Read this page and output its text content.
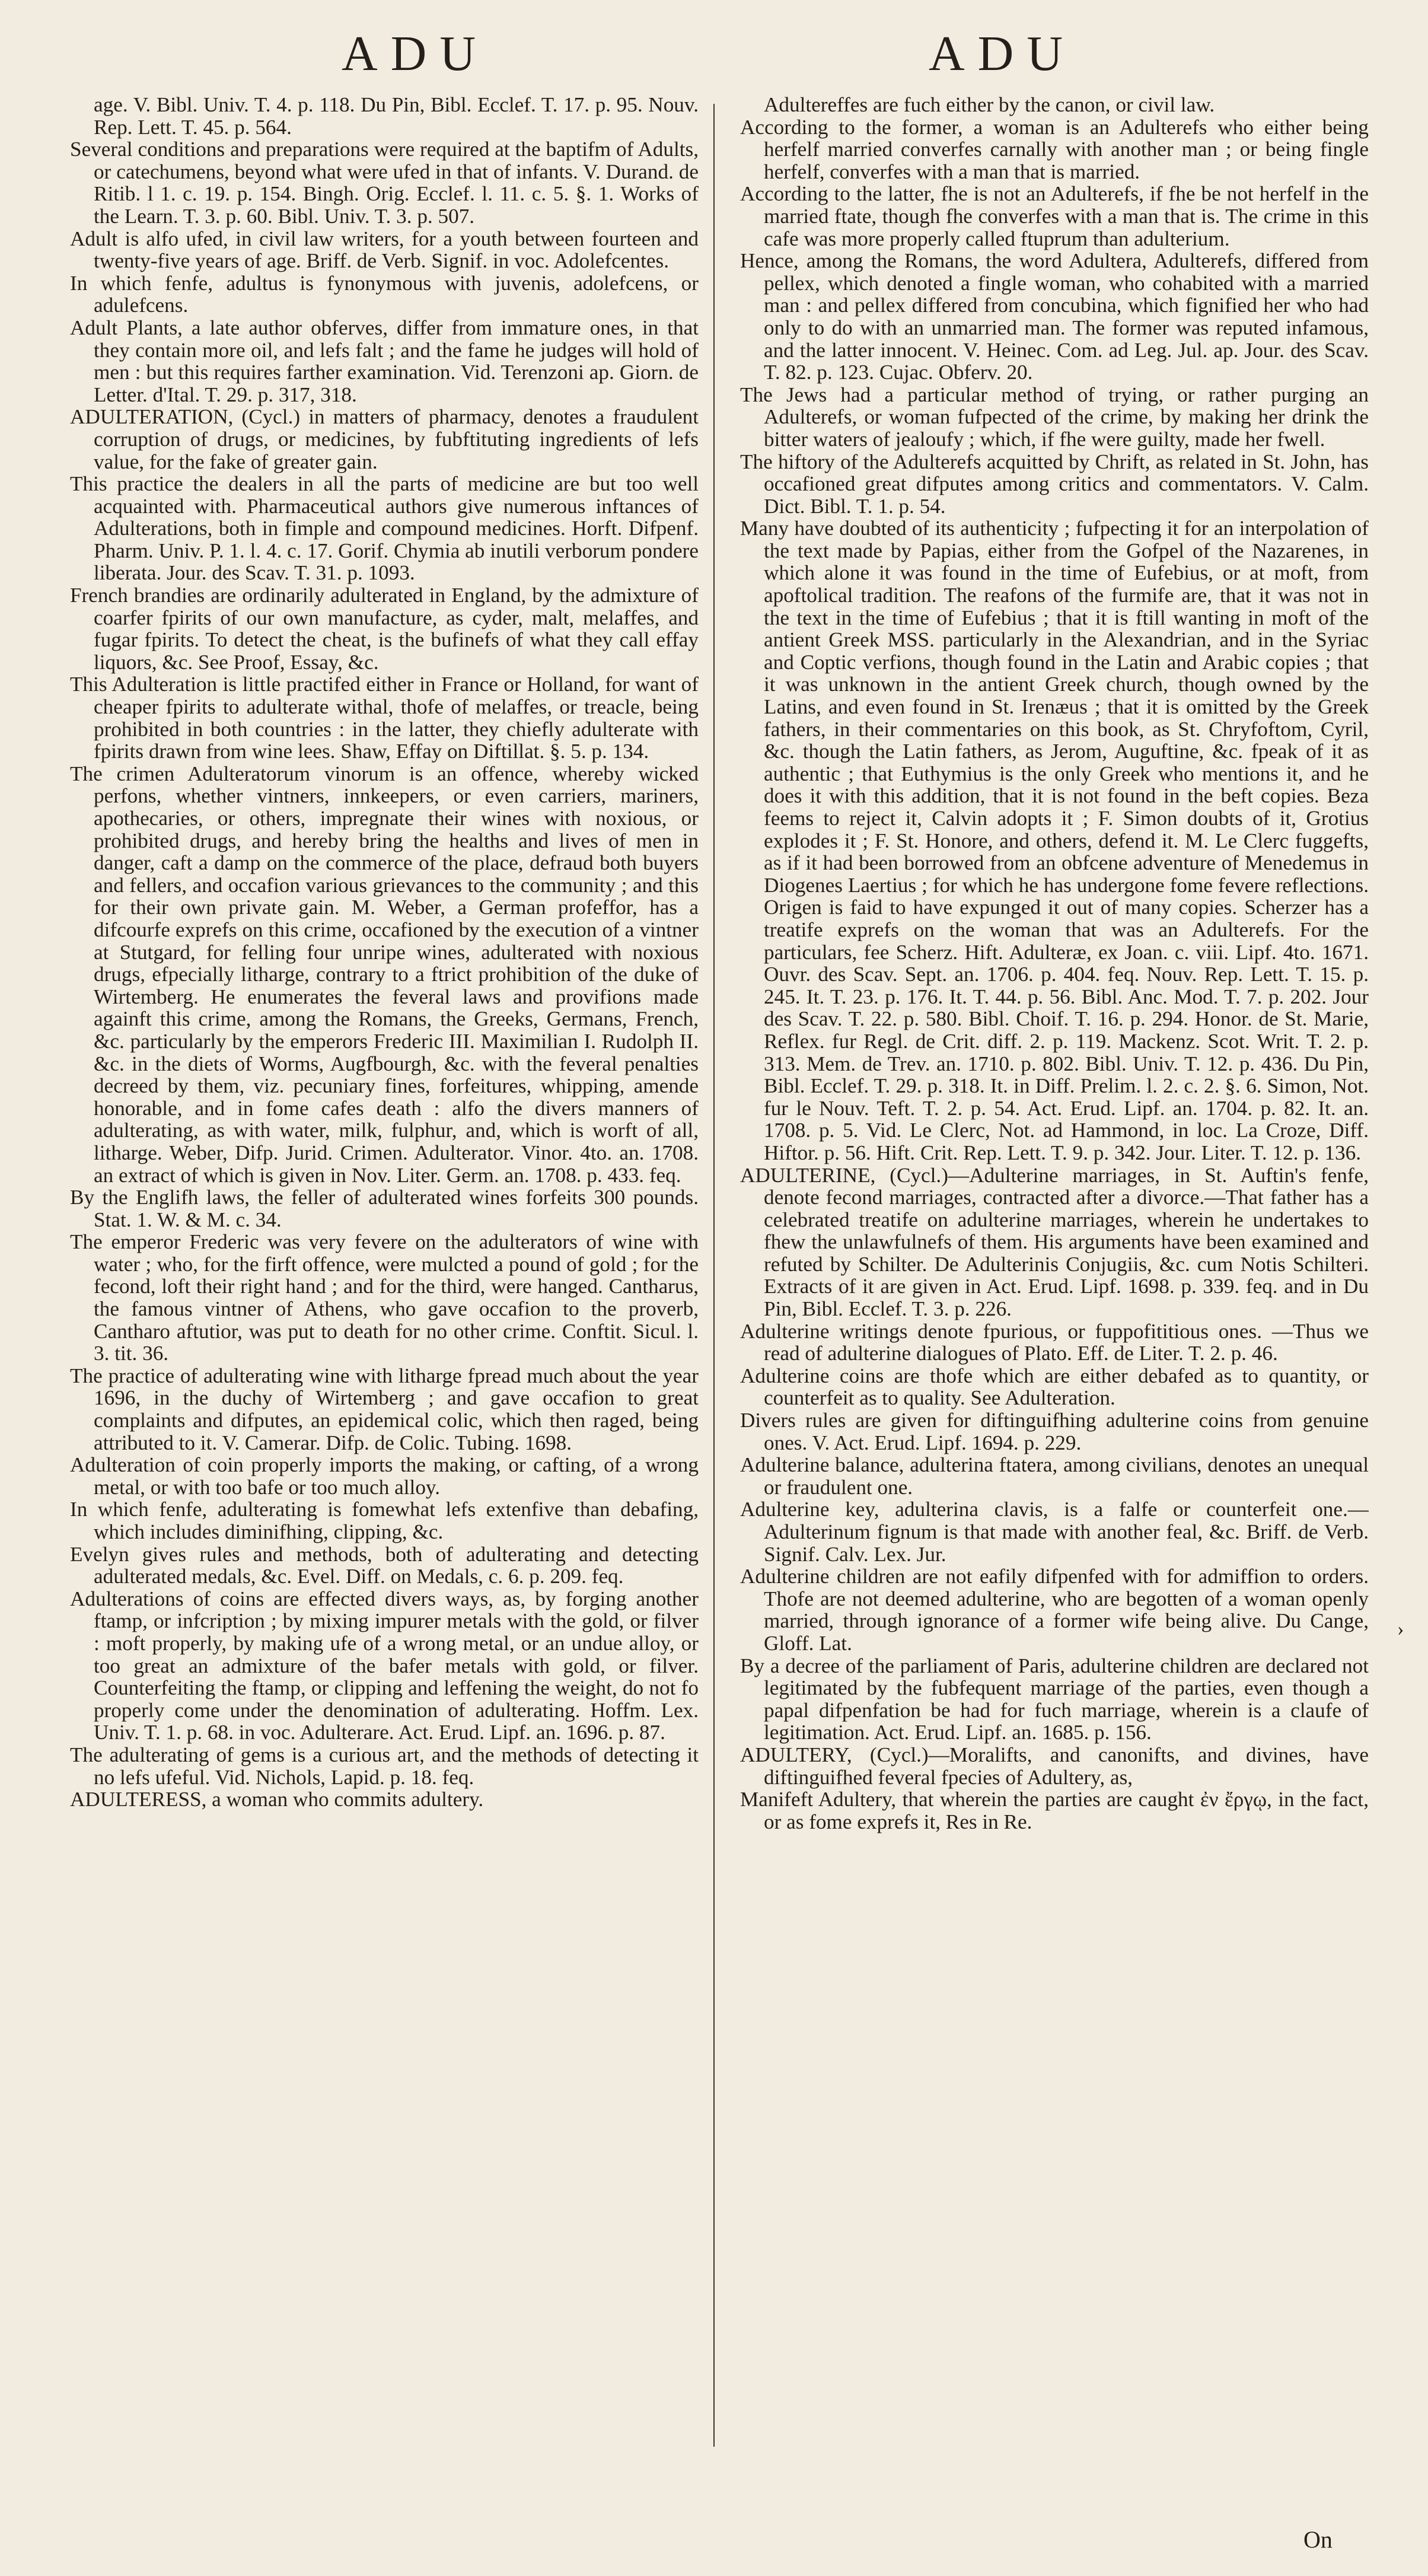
ADU	ADU

age. V. Bibl. Univ. T. 4. p. 118. Du Pin, Bibl. Ecclef. T. 17. p. 95. Nouv. Rep. Lett. T. 45. p. 564.

Several conditions and preparations were required at the baptifm of Adults, or catechumens, beyond what were ufed in that of infants. V. Durand. de Ritib. l 1. c. 19. p. 154. Bingh. Orig. Ecclef. l. 11. c. 5. §. 1. Works of the Learn. T. 3. p. 60. Bibl. Univ. T. 3. p. 507.

Adult is alfo ufed, in civil law writers, for a youth between fourteen and twenty-five years of age. Briff. de Verb. Signif. in voc. Adolefcentes.

In which fenfe, adultus is fynonymous with juvenis, adolefcens, or adulefcens.

Adult Plants, a late author obferves, differ from immature ones, in that they contain more oil, and lefs falt ; and the fame he judges will hold of men : but this requires farther examination. Vid. Terenzoni ap. Giorn. de Letter. d'Ital. T. 29. p. 317, 318.

ADULTERATION, (Cycl.) in matters of pharmacy, denotes a fraudulent corruption of drugs, or medicines, by fubftituting ingredients of lefs value, for the fake of greater gain.

This practice the dealers in all the parts of medicine are but too well acquainted with. Pharmaceutical authors give numerous inftances of Adulterations, both in fimple and compound medicines. Horft. Difpenf. Pharm. Univ. P. 1. l. 4. c. 17. Gorif. Chymia ab inutili verborum pondere liberata. Jour. des Scav. T. 31. p. 1093.

French brandies are ordinarily adulterated in England, by the admixture of coarfer fpirits of our own manufacture, as cyder, malt, melaffes, and fugar fpirits. To detect the cheat, is the bufinefs of what they call effay liquors, &c. See Proof, Essay, &c.

This Adulteration is little practifed either in France or Holland, for want of cheaper fpirits to adulterate withal, thofe of melaffes, or treacle, being prohibited in both countries : in the latter, they chiefly adulterate with fpirits drawn from wine lees. Shaw, Effay on Diftillat. §. 5. p. 134.

The crimen Adulteratorum vinorum is an offence, whereby wicked perfons, whether vintners, innkeepers, or even carriers, mariners, apothecaries, or others, impregnate their wines with noxious, or prohibited drugs, and hereby bring the healths and lives of men in danger, caft a damp on the commerce of the place, defraud both buyers and fellers, and occafion various grievances to the community ; and this for their own private gain. M. Weber, a German profeffor, has a difcourfe exprefs on this crime, occafioned by the execution of a vintner at Stutgard, for felling four unripe wines, adulterated with noxious drugs, efpecially litharge, contrary to a ftrict prohibition of the duke of Wirtemberg. He enumerates the feveral laws and provifions made againft this crime, among the Romans, the Greeks, Germans, French, &c. particularly by the emperors Frederic III. Maximilian I. Rudolph II. &c. in the diets of Worms, Augfbourgh, &c. with the feveral penalties decreed by them, viz. pecuniary fines, forfeitures, whipping, amende honorable, and in fome cafes death : alfo the divers manners of adulterating, as with water, milk, fulphur, and, which is worft of all, litharge. Weber, Difp. Jurid. Crimen. Adulterator. Vinor. 4to. an. 1708. an extract of which is given in Nov. Liter. Germ. an. 1708. p. 433. feq.

By the Englifh laws, the feller of adulterated wines forfeits 300 pounds. Stat. 1. W. & M. c. 34.

The emperor Frederic was very fevere on the adulterators of wine with water ; who, for the firft offence, were mulcted a pound of gold ; for the fecond, loft their right hand ; and for the third, were hanged. Cantharus, the famous vintner of Athens, who gave occafion to the proverb, Cantharo aftutior, was put to death for no other crime. Conftit. Sicul. l. 3. tit. 36.

The practice of adulterating wine with litharge fpread much about the year 1696, in the duchy of Wirtemberg ; and gave occafion to great complaints and difputes, an epidemical colic, which then raged, being attributed to it. V. Camerar. Difp. de Colic. Tubing. 1698.

Adulteration of coin properly imports the making, or cafting, of a wrong metal, or with too bafe or too much alloy.

In which fenfe, adulterating is fomewhat lefs extenfive than debafing, which includes diminifhing, clipping, &c.

Evelyn gives rules and methods, both of adulterating and detecting adulterated medals, &c. Evel. Diff. on Medals, c. 6. p. 209. feq.

Adulterations of coins are effected divers ways, as, by forging another ftamp, or infcription ; by mixing impurer metals with the gold, or filver : moft properly, by making ufe of a wrong metal, or an undue alloy, or too great an admixture of the bafer metals with gold, or filver. Counterfeiting the ftamp, or clipping and leffening the weight, do not fo properly come under the denomination of adulterating. Hoffm. Lex. Univ. T. 1. p. 68. in voc. Adulterare. Act. Erud. Lipf. an. 1696. p. 87.

The adulterating of gems is a curious art, and the methods of detecting it no lefs ufeful. Vid. Nichols, Lapid. p. 18. feq.

ADULTERESS, a woman who commits adultery.

Adultereffes are fuch either by the canon, or civil law.

According to the former, a woman is an Adulterefs who either being herfelf married converfes carnally with another man ; or being fingle herfelf, converfes with a man that is married.

According to the latter, fhe is not an Adulterefs, if fhe be not herfelf in the married ftate, though fhe converfes with a man that is. The crime in this cafe was more properly called ftuprum than adulterium.

Hence, among the Romans, the word Adultera, Adulterefs, differed from pellex, which denoted a fingle woman, who cohabited with a married man : and pellex differed from concubina, which fignified her who had only to do with an unmarried man. The former was reputed infamous, and the latter innocent. V. Heinec. Com. ad Leg. Jul. ap. Jour. des Scav. T. 82. p. 123. Cujac. Obferv. 20.

The Jews had a particular method of trying, or rather purging an Adulterefs, or woman fufpected of the crime, by making her drink the bitter waters of jealoufy ; which, if fhe were guilty, made her fwell.

The hiftory of the Adulterefs acquitted by Chrift, as related in St. John, has occafioned great difputes among critics and commentators. V. Calm. Dict. Bibl. T. 1. p. 54.

Many have doubted of its authenticity ; fufpecting it for an interpolation of the text made by Papias, either from the Gofpel of the Nazarenes, in which alone it was found in the time of Eufebius, or at moft, from apoftolical tradition. The reafons of the furmife are, that it was not in the text in the time of Eufebius ; that it is ftill wanting in moft of the antient Greek MSS. particularly in the Alexandrian, and in the Syriac and Coptic verfions, though found in the Latin and Arabic copies ; that it was unknown in the antient Greek church, though owned by the Latins, and even found in St. Irenæus ; that it is omitted by the Greek fathers, in their commentaries on this book, as St. Chryfoftom, Cyril, &c. though the Latin fathers, as Jerom, Auguftine, &c. fpeak of it as authentic ; that Euthymius is the only Greek who mentions it, and he does it with this addition, that it is not found in the beft copies. Beza feems to reject it, Calvin adopts it ; F. Simon doubts of it, Grotius explodes it ; F. St. Honore, and others, defend it. M. Le Clerc fuggefts, as if it had been borrowed from an obfcene adventure of Menedemus in Diogenes Laertius ; for which he has undergone fome fevere reflections. Origen is faid to have expunged it out of many copies. Scherzer has a treatife exprefs on the woman that was an Adulterefs. For the particulars, fee Scherz. Hift. Adulteræ, ex Joan. c. viii. Lipf. 4to. 1671. Ouvr. des Scav. Sept. an. 1706. p. 404. feq. Nouv. Rep. Lett. T. 15. p. 245. It. T. 23. p. 176. It. T. 44. p. 56. Bibl. Anc. Mod. T. 7. p. 202. Jour des Scav. T. 22. p. 580. Bibl. Choif. T. 16. p. 294. Honor. de St. Marie, Reflex. fur Regl. de Crit. diff. 2. p. 119. Mackenz. Scot. Writ. T. 2. p. 313. Mem. de Trev. an. 1710. p. 802. Bibl. Univ. T. 12. p. 436. Du Pin, Bibl. Ecclef. T. 29. p. 318. It. in Diff. Prelim. l. 2. c. 2. §. 6. Simon, Not. fur le Nouv. Teft. T. 2. p. 54. Act. Erud. Lipf. an. 1704. p. 82. It. an. 1708. p. 5. Vid. Le Clerc, Not. ad Hammond, in loc. La Croze, Diff. Hiftor. p. 56. Hift. Crit. Rep. Lett. T. 9. p. 342. Jour. Liter. T. 12. p. 136.

ADULTERINE, (Cycl.)—Adulterine marriages, in St. Auftin's fenfe, denote fecond marriages, contracted after a divorce.—That father has a celebrated treatife on adulterine marriages, wherein he undertakes to fhew the unlawfulnefs of them. His arguments have been examined and refuted by Schilter. De Adulterinis Conjugiis, &c. cum Notis Schilteri. Extracts of it are given in Act. Erud. Lipf. 1698. p. 339. feq. and in Du Pin, Bibl. Ecclef. T. 3. p. 226.

Adulterine writings denote fpurious, or fuppofititious ones. —Thus we read of adulterine dialogues of Plato. Eff. de Liter. T. 2. p. 46.

Adulterine coins are thofe which are either debafed as to quantity, or counterfeit as to quality. See Adulteration.

Divers rules are given for diftinguifhing adulterine coins from genuine ones. V. Act. Erud. Lipf. 1694. p. 229.

Adulterine balance, adulterina ftatera, among civilians, denotes an unequal or fraudulent one.

Adulterine key, adulterina clavis, is a falfe or counterfeit one.—Adulterinum fignum is that made with another feal, &c. Briff. de Verb. Signif. Calv. Lex. Jur.

Adulterine children are not eafily difpenfed with for admiffion to orders. Thofe are not deemed adulterine, who are begotten of a woman openly married, through ignorance of a former wife being alive. Du Cange, Gloff. Lat.

By a decree of the parliament of Paris, adulterine children are declared not legitimated by the fubfequent marriage of the parties, even though a papal difpenfation be had for fuch marriage, wherein is a claufe of legitimation. Act. Erud. Lipf. an. 1685. p. 156.

ADULTERY, (Cycl.)—Moralifts, and canonifts, and divines, have diftinguifhed feveral fpecies of Adultery, as,

Manifeft Adultery, that wherein the parties are caught ἐν ἔργῳ, in the fact, or as fome exprefs it, Res in Re.

›
On
